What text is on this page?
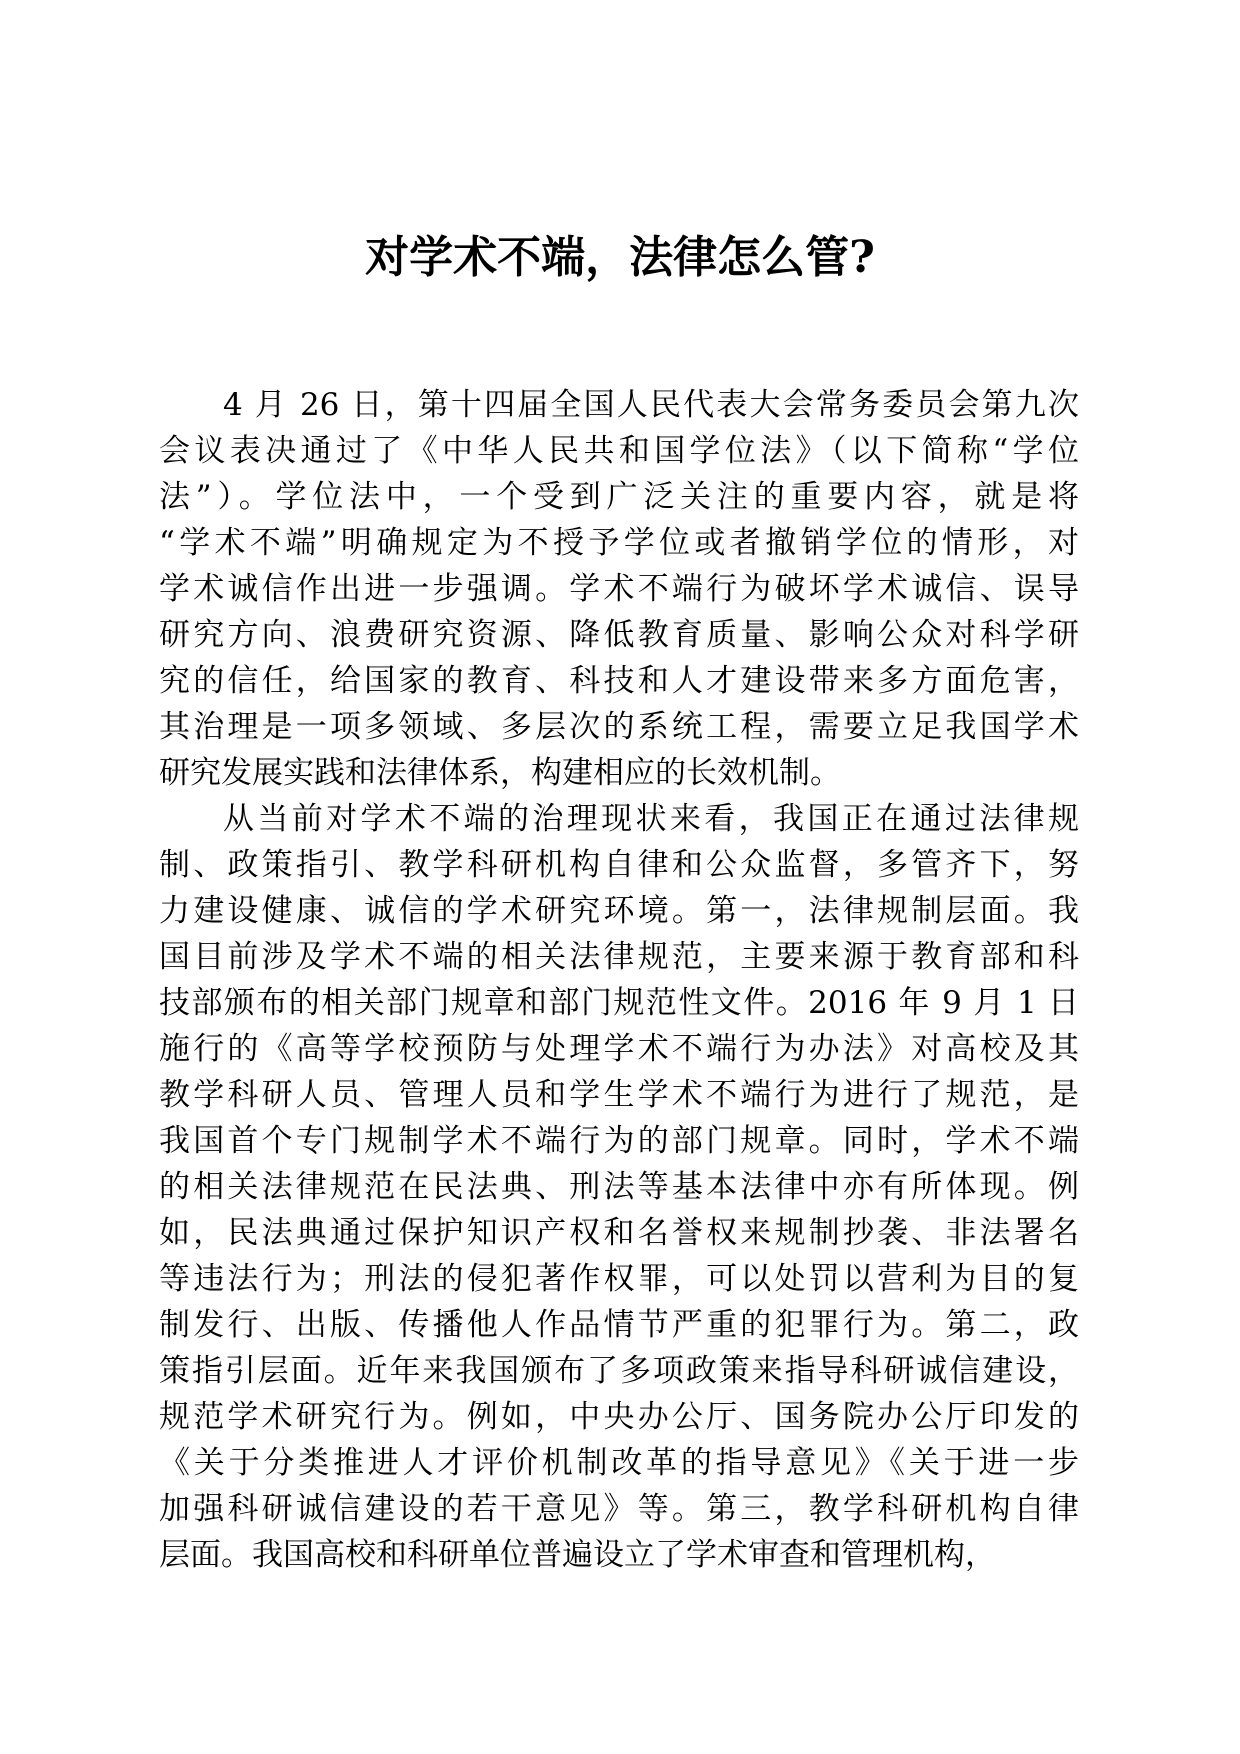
对学术不端，法律怎么管?
4 月 26 日，第十四届全国人民代表大会常务委员会第九次
会议表决通过了《中华人民共和国学位法》（以下简称“学位
法”）。学位法中，一个受到广泛关注的重要内容，就是将
“学术不端”明确规定为不授予学位或者撤销学位的情形，对
学术诚信作出进一步强调。学术不端行为破坏学术诚信、误导
研究方向、浪费研究资源、降低教育质量、影响公众对科学研
究的信任，给国家的教育、科技和人才建设带来多方面危害，
其治理是一项多领域、多层次的系统工程，需要立足我国学术
研究发展实践和法律体系，构建相应的长效机制。
从当前对学术不端的治理现状来看，我国正在通过法律规
制、政策指引、教学科研机构自律和公众监督，多管齐下，努
力建设健康、诚信的学术研究环境。第一，法律规制层面。我
国目前涉及学术不端的相关法律规范，主要来源于教育部和科
技部颁布的相关部门规章和部门规范性文件。2016 年 9 月 1 日
施行的《高等学校预防与处理学术不端行为办法》对高校及其
教学科研人员、管理人员和学生学术不端行为进行了规范，是
我国首个专门规制学术不端行为的部门规章。同时，学术不端
的相关法律规范在民法典、刑法等基本法律中亦有所体现。例
如，民法典通过保护知识产权和名誉权来规制抄袭、非法署名
等违法行为；刑法的侵犯著作权罪，可以处罚以营利为目的复
制发行、出版、传播他人作品情节严重的犯罪行为。第二，政
策指引层面。近年来我国颁布了多项政策来指导科研诚信建设，
规范学术研究行为。例如，中央办公厅、国务院办公厅印发的
《关于分类推进人才评价机制改革的指导意见》《关于进一步
加强科研诚信建设的若干意见》等。第三，教学科研机构自律
层面。我国高校和科研单位普遍设立了学术审查和管理机构，
